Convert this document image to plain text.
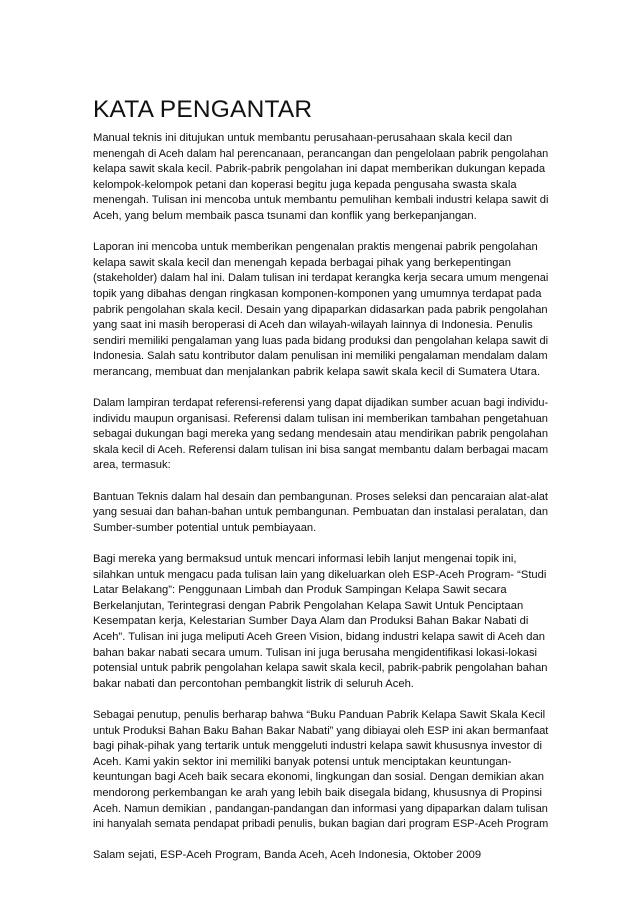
KATA PENGANTAR

Manual teknis ini ditujukan untuk membantu perusahaan-perusahaan skala kecil dan
menengah di Aceh dalam hal perencanaan, perancangan dan pengelolaan pabrik pengolahan
kelapa sawit skala kecil. Pabrik-pabrik pengolahan ini dapat memberikan dukungan kepada
kelompok-kelompok petani dan koperasi begitu juga kepada pengusaha swasta skala
menengah. Tulisan ini mencoba untuk membantu pemulihan kembali industri kelapa sawit di
Aceh, yang belum membaik pasca tsunami dan konflik yang berkepanjangan.

Laporan ini mencoba untuk memberikan pengenalan praktis mengenai pabrik pengolahan
kelapa sawit skala kecil dan menengah kepada berbagai pihak yang berkepentingan
(stakeholder) dalam hal ini. Dalam tulisan ini terdapat kerangka kerja secara umum mengenai
topik yang dibahas dengan ringkasan komponen-komponen yang umumnya terdapat pada
pabrik pengolahan skala kecil. Desain yang dipaparkan didasarkan pada pabrik pengolahan
yang saat ini masih beroperasi di Aceh dan wilayah-wilayah lainnya di Indonesia. Penulis
sendiri memiliki pengalaman yang luas pada bidang produksi dan pengolahan kelapa sawit di
Indonesia. Salah satu kontributor dalam penulisan ini memiliki pengalaman mendalam dalam
merancang, membuat dan menjalankan pabrik kelapa sawit skala kecil di Sumatera Utara.

Dalam lampiran terdapat referensi-referensi yang dapat dijadikan sumber acuan bagi individu-
individu maupun organisasi. Referensi dalam tulisan ini memberikan tambahan pengetahuan
sebagai dukungan bagi mereka yang sedang mendesain atau mendirikan pabrik pengolahan
skala kecil di Aceh. Referensi dalam tulisan ini bisa sangat membantu dalam berbagai macam
area, termasuk:

Bantuan Teknis dalam hal desain dan pembangunan. Proses seleksi dan pencaraian alat-alat
yang sesuai dan bahan-bahan untuk pembangunan. Pembuatan dan instalasi peralatan, dan
Sumber-sumber potential untuk pembiayaan.

Bagi mereka yang bermaksud untuk mencari informasi lebih lanjut mengenai topik ini,
silahkan untuk mengacu pada tulisan lain yang dikeluarkan oleh ESP-Aceh Program- “Studi
Latar Belakang”: Penggunaan Limbah dan Produk Sampingan Kelapa Sawit secara
Berkelanjutan, Terintegrasi dengan Pabrik Pengolahan Kelapa Sawit Untuk Penciptaan
Kesempatan kerja, Kelestarian Sumber Daya Alam dan Produksi Bahan Bakar Nabati di
Aceh”. Tulisan ini juga meliputi Aceh Green Vision, bidang industri kelapa sawit di Aceh dan
bahan bakar nabati secara umum. Tulisan ini juga berusaha mengidentifikasi lokasi-lokasi
potensial untuk pabrik pengolahan kelapa sawit skala kecil, pabrik-pabrik pengolahan bahan
bakar nabati dan percontohan pembangkit listrik di seluruh Aceh.

Sebagai penutup, penulis berharap bahwa “Buku Panduan Pabrik Kelapa Sawit Skala Kecil
untuk Produksi Bahan Baku Bahan Bakar Nabati” yang dibiayai oleh ESP ini akan bermanfaat
bagi pihak-pihak yang tertarik untuk menggeluti industri kelapa sawit khususnya investor di
Aceh. Kami yakin sektor ini memiliki banyak potensi untuk menciptakan keuntungan-
keuntungan bagi Aceh baik secara ekonomi, lingkungan dan sosial. Dengan demikian akan
mendorong perkembangan ke arah yang lebih baik disegala bidang, khususnya di Propinsi
Aceh. Namun demikian , pandangan-pandangan dan informasi yang dipaparkan dalam tulisan
ini hanyalah semata pendapat pribadi penulis, bukan bagian dari program ESP-Aceh Program

Salam sejati, ESP-Aceh Program, Banda Aceh, Aceh Indonesia, Oktober 2009
